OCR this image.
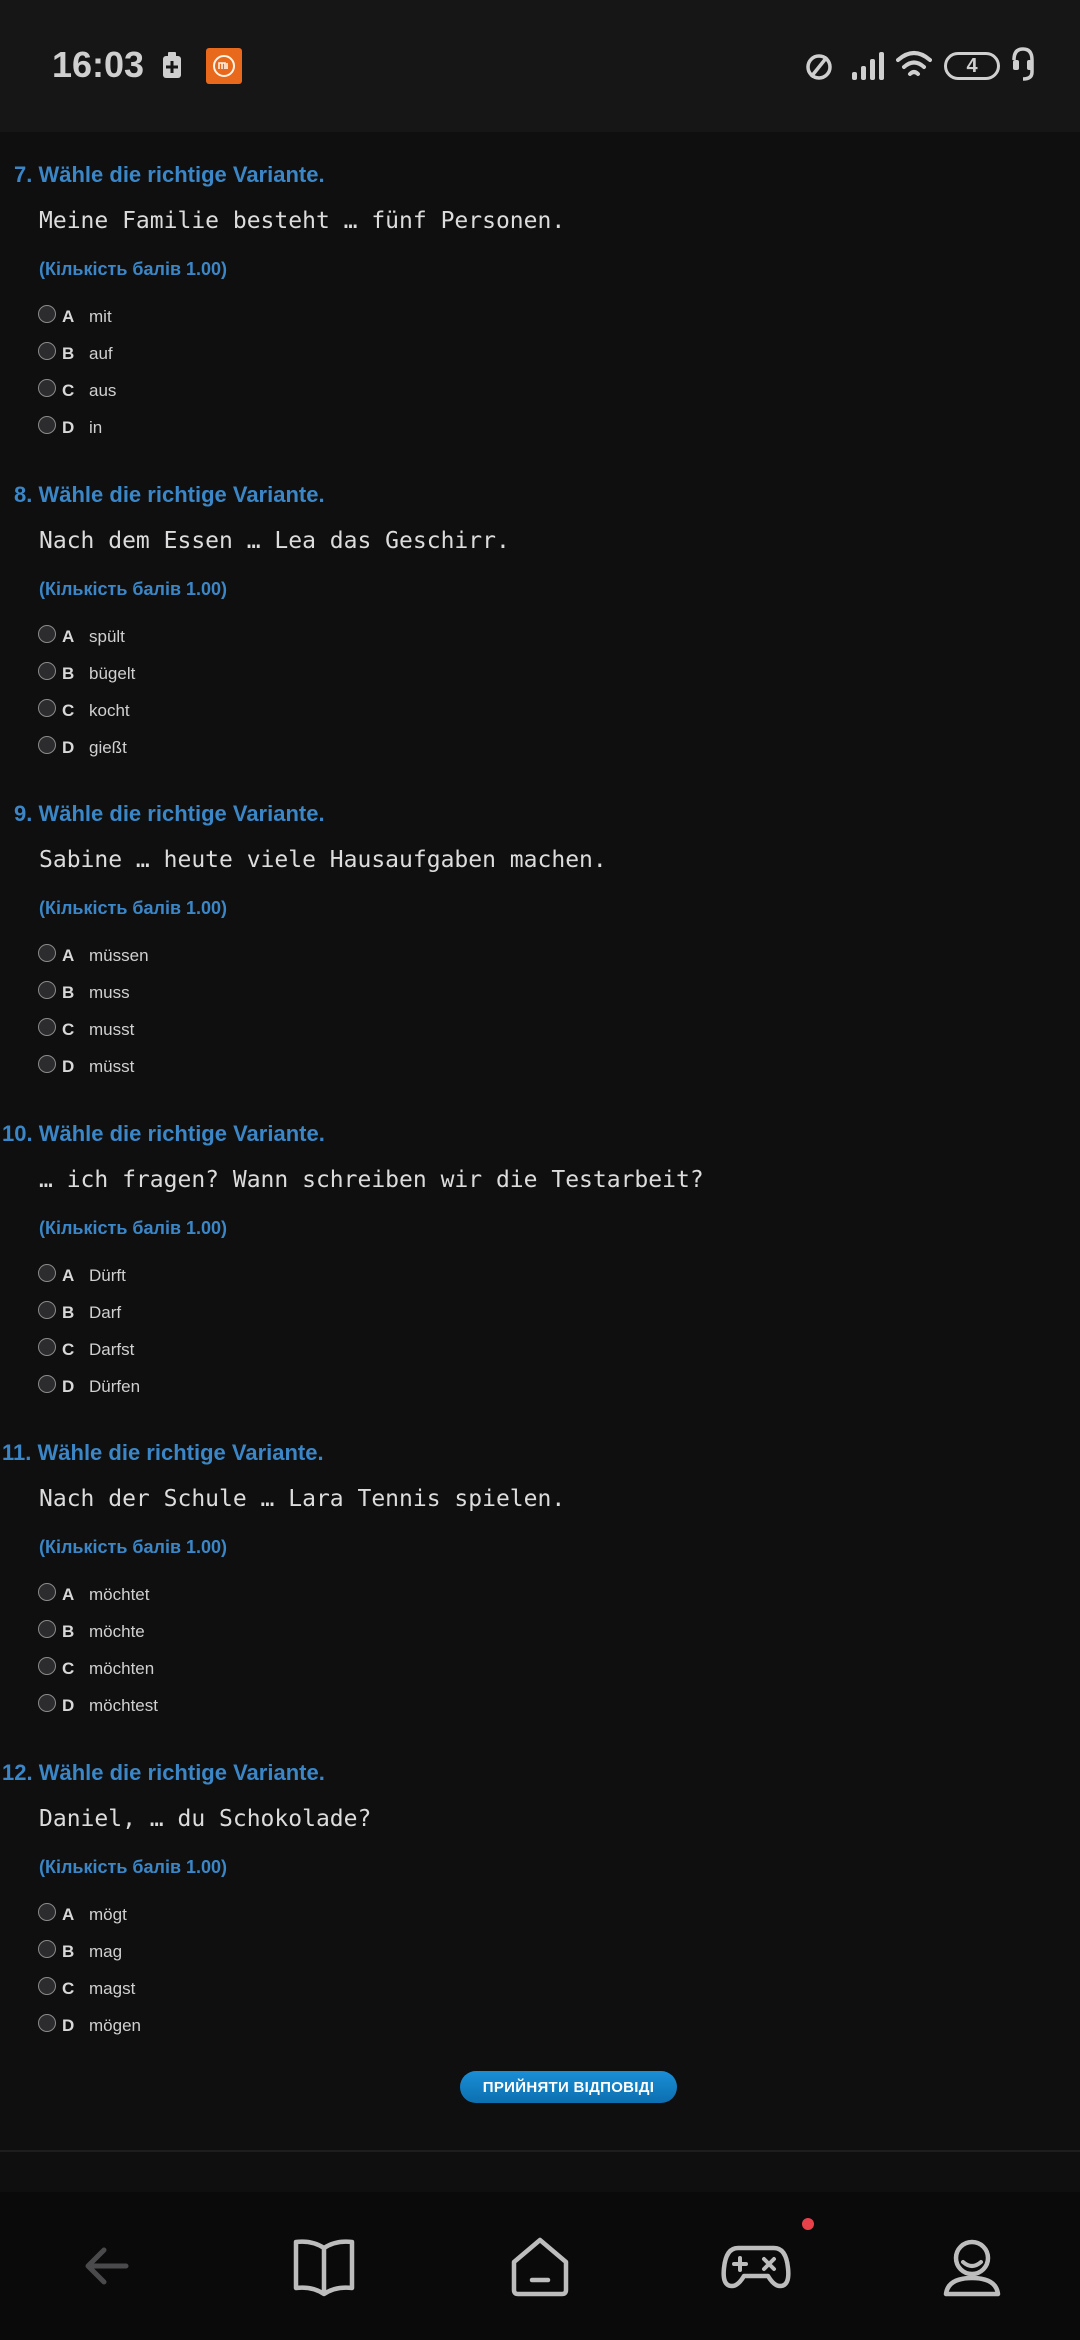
16:03	4
7. Wähle die richtige Variante.
Meine Familie besteht … fünf Personen.
(Кількість балів 1.00)
A mit
B auf
C aus
D in
8. Wähle die richtige Variante.
Nach dem Essen … Lea das Geschirr.
(Кількість балів 1.00)
A spült
B bügelt
C kocht
D gießt
9. Wähle die richtige Variante.
Sabine … heute viele Hausaufgaben machen.
(Кількість балів 1.00)
A müssen
B muss
C musst
D müsst
10. Wähle die richtige Variante.
… ich fragen? Wann schreiben wir die Testarbeit?
(Кількість балів 1.00)
A Dürft
B Darf
C Darfst
D Dürfen
11. Wähle die richtige Variante.
Nach der Schule … Lara Tennis spielen.
(Кількість балів 1.00)
A möchtet
B möchte
C möchten
D möchtest
12. Wähle die richtige Variante.
Daniel, … du Schokolade?
(Кількість балів 1.00)
A mögt
B mag
C magst
D mögen
ПРИЙНЯТИ ВІДПОВІДІ
